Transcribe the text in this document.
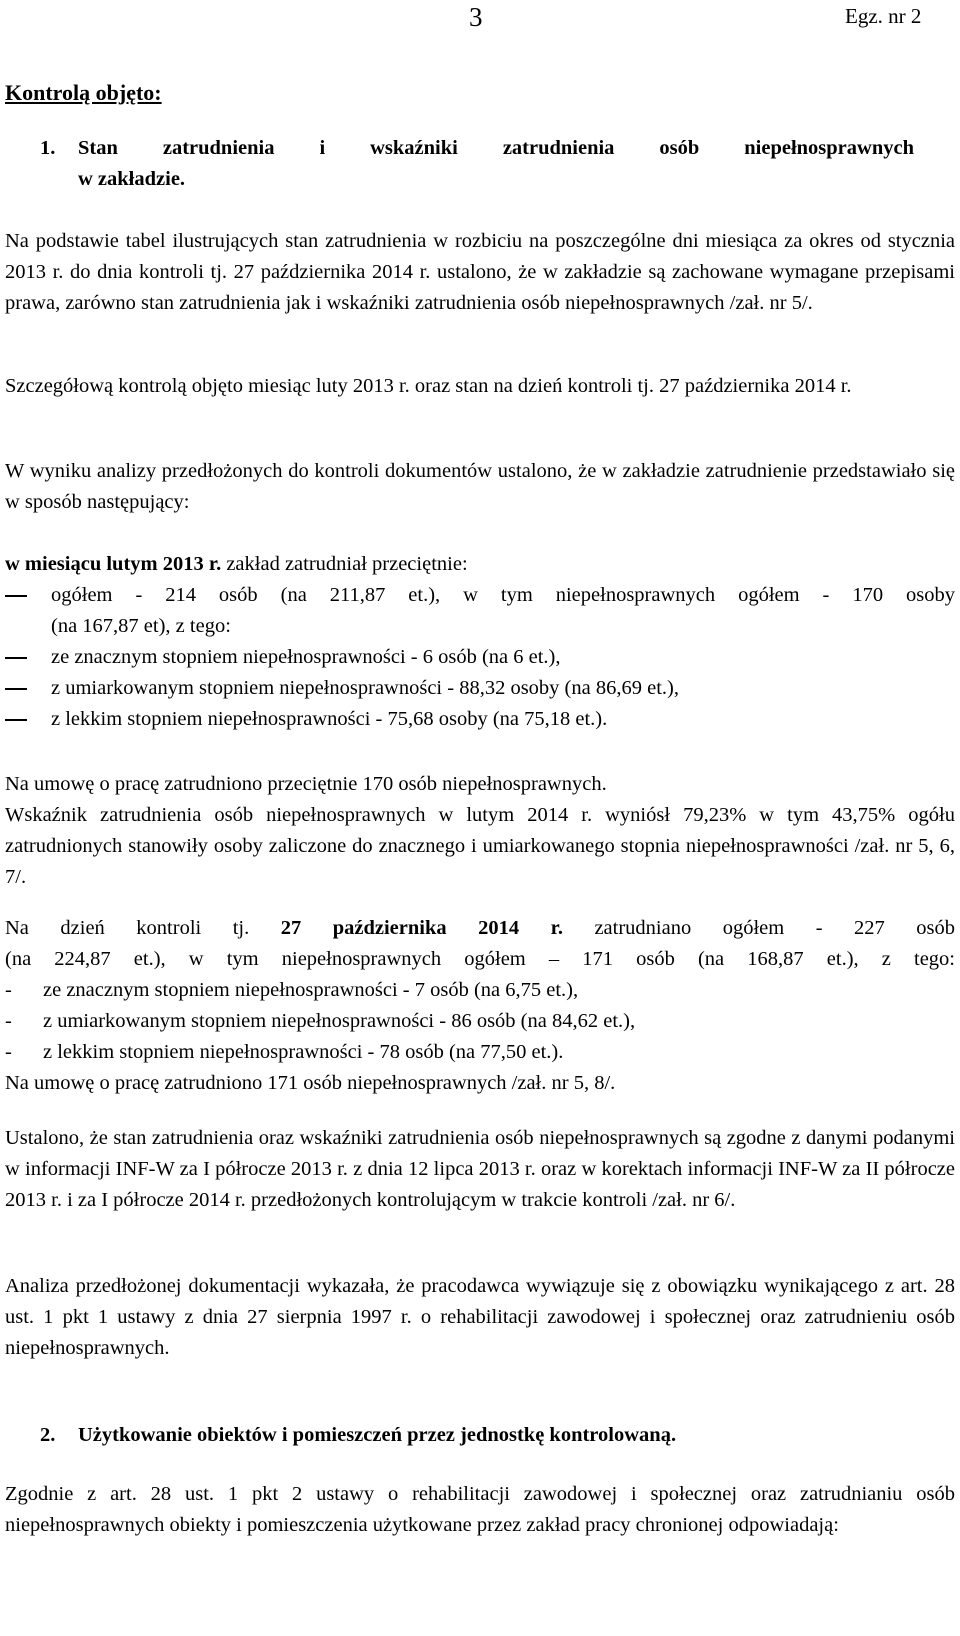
3	Egz. nr 2
Kontrolą objęto:
1.	Stan zatrudnienia i wskaźniki zatrudnienia osób niepełnosprawnych
w zakładzie.
Na podstawie tabel ilustrujących stan zatrudnienia w rozbiciu na poszczególne dni miesiąca za okres od stycznia 2013 r. do dnia kontroli tj. 27 października 2014 r. ustalono, że w zakładzie są zachowane wymagane przepisami prawa, zarówno stan zatrudnienia jak i wskaźniki zatrudnienia osób niepełnosprawnych /zał. nr 5/.
Szczegółową kontrolą objęto miesiąc luty 2013 r. oraz stan na dzień kontroli tj. 27 października 2014 r.
W wyniku analizy przedłożonych do kontroli dokumentów ustalono, że w zakładzie zatrudnienie przedstawiało się w sposób następujący:
w miesiącu lutym 2013 r. zakład zatrudniał przeciętnie:
ogółem - 214 osób (na 211,87 et.), w tym niepełnosprawnych ogółem - 170 osoby
(na 167,87 et), z tego:
ze znacznym stopniem niepełnosprawności - 6 osób (na 6 et.),
z umiarkowanym stopniem niepełnosprawności - 88,32 osoby (na 86,69 et.),
z lekkim stopniem niepełnosprawności - 75,68 osoby (na 75,18 et.).
Na umowę o pracę zatrudniono przeciętnie 170 osób niepełnosprawnych.
Wskaźnik zatrudnienia osób niepełnosprawnych w lutym 2014 r. wyniósł 79,23% w tym 43,75% ogółu zatrudnionych stanowiły osoby zaliczone do znacznego i umiarkowanego stopnia niepełnosprawności /zał. nr 5, 6, 7/.
Na dzień kontroli tj. 27 października 2014 r. zatrudniano ogółem - 227 osób
(na 224,87 et.), w tym niepełnosprawnych ogółem – 171 osób (na 168,87 et.), z tego:
- ze znacznym stopniem niepełnosprawności - 7 osób (na 6,75 et.),
- z umiarkowanym stopniem niepełnosprawności - 86 osób (na 84,62 et.),
- z lekkim stopniem niepełnosprawności - 78 osób (na 77,50 et.).
Na umowę o pracę zatrudniono 171 osób niepełnosprawnych /zał. nr 5, 8/.
Ustalono, że stan zatrudnienia oraz wskaźniki zatrudnienia osób niepełnosprawnych są zgodne z danymi podanymi w informacji INF-W za I półrocze 2013 r. z dnia 12 lipca 2013 r. oraz w korektach informacji INF-W za II półrocze 2013 r. i za I półrocze 2014 r. przedłożonych kontrolującym w trakcie kontroli /zał. nr 6/.
Analiza przedłożonej dokumentacji wykazała, że pracodawca wywiązuje się z obowiązku wynikającego z art. 28 ust. 1 pkt 1 ustawy z dnia 27 sierpnia 1997 r. o rehabilitacji zawodowej i społecznej oraz zatrudnieniu osób niepełnosprawnych.
2. Użytkowanie obiektów i pomieszczeń przez jednostkę kontrolowaną.
Zgodnie z art. 28 ust. 1 pkt 2 ustawy o rehabilitacji zawodowej i społecznej oraz zatrudnianiu osób niepełnosprawnych obiekty i pomieszczenia użytkowane przez zakład pracy chronionej odpowiadają:
